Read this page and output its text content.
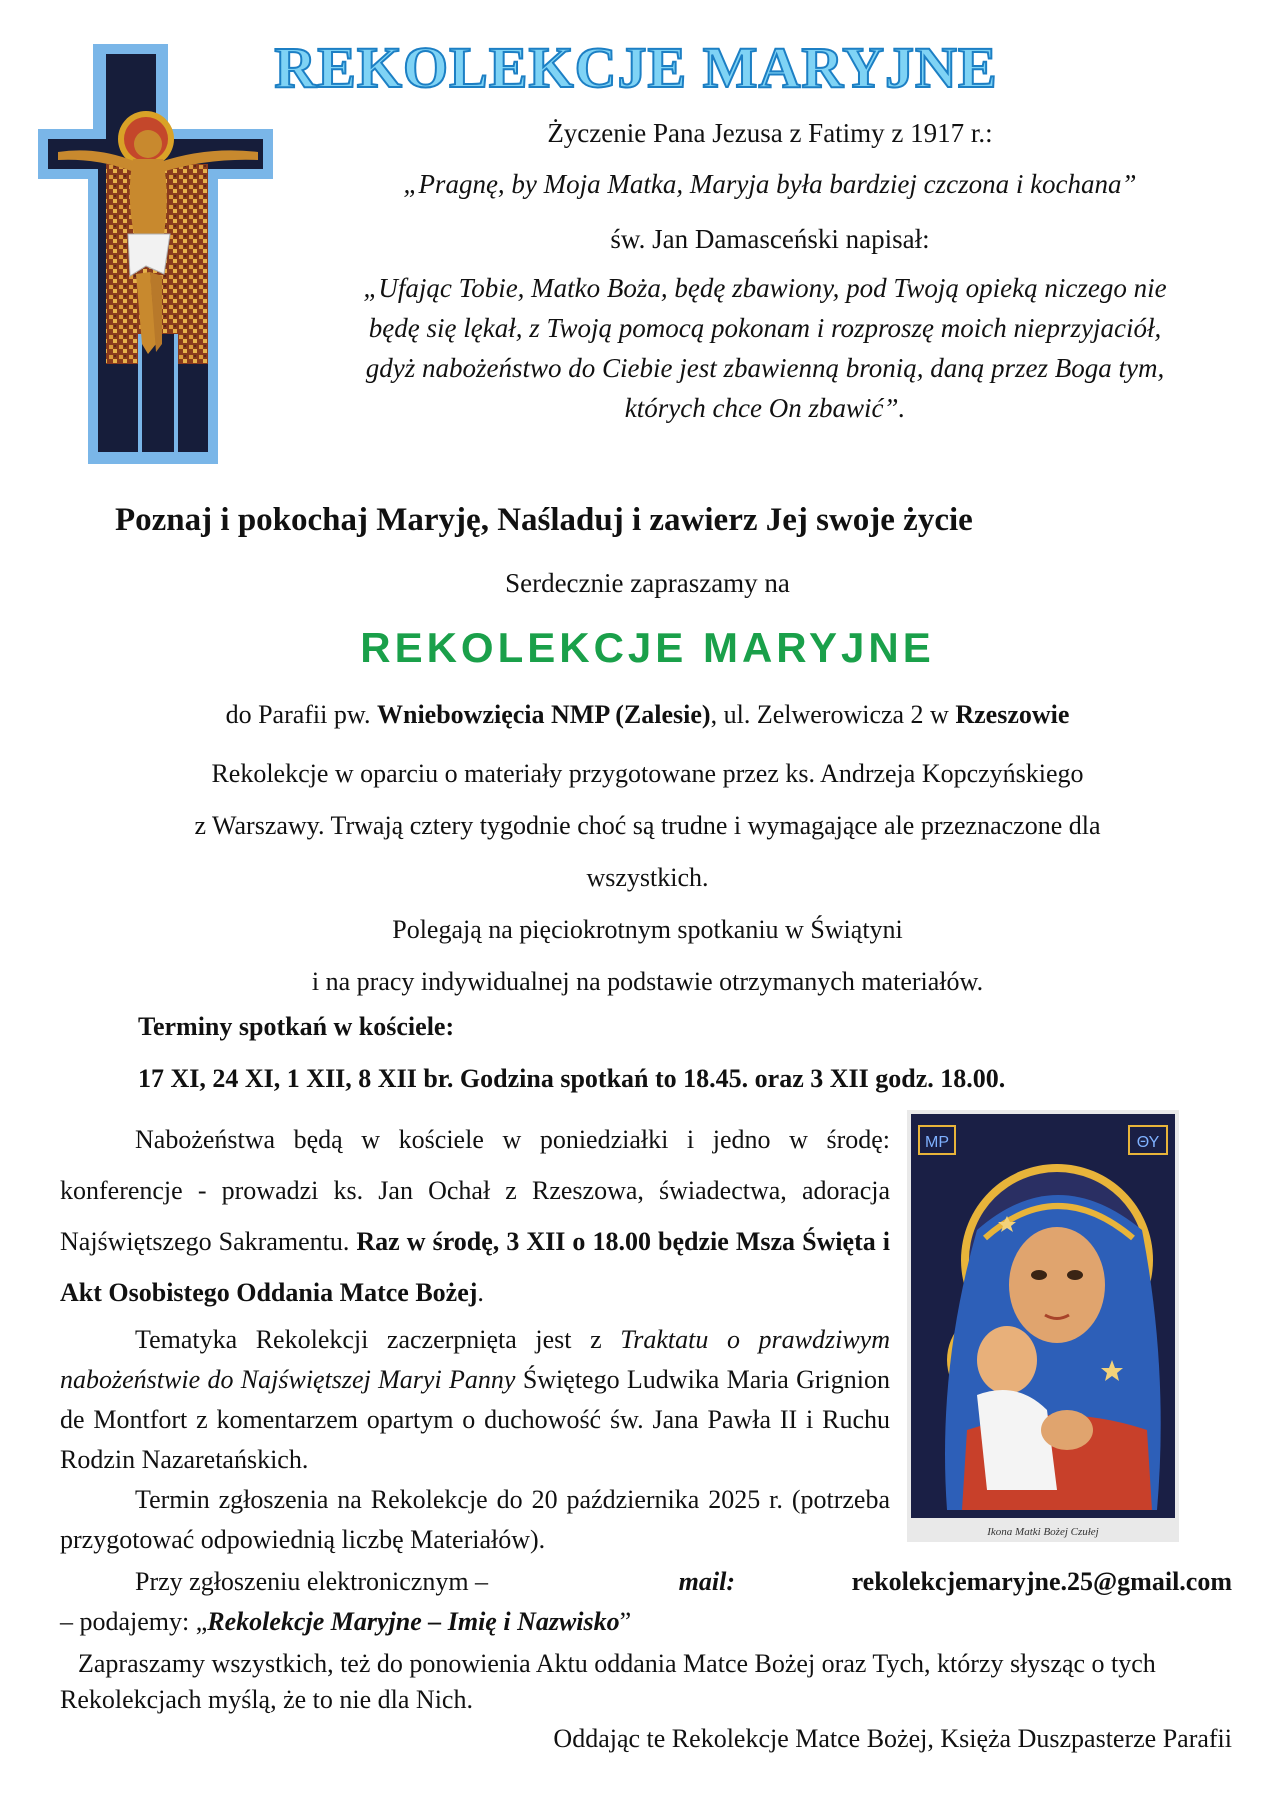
REKOLEKCJE MARYJNE
Życzenie Pana Jezusa z Fatimy z 1917 r.:
„Pragnę, by Moja Matka, Maryja była bardziej czczona i kochana”
św. Jan Damasceński napisał:
„Ufając Tobie, Matko Boża, będę zbawiony, pod Twoją opieką niczego nie
będę się lękał, z Twoją pomocą pokonam i rozproszę moich nieprzyjaciół,
gdyż nabożeństwo do Ciebie jest zbawienną bronią, daną przez Boga tym,
których chce On zbawić”.
Poznaj i pokochaj Maryję, Naśladuj i zawierz Jej swoje życie
Serdecznie zapraszamy na
REKOLEKCJE MARYJNE
do Parafii pw. Wniebowzięcia NMP (Zalesie), ul. Zelwerowicza 2 w Rzeszowie
Rekolekcje w oparciu o materiały przygotowane przez ks. Andrzeja Kopczyńskiego
z Warszawy. Trwają cztery tygodnie choć są trudne i wymagające ale przeznaczone dla
wszystkich.
Polegają na pięciokrotnym spotkaniu w Świątyni
i na pracy indywidualnej na podstawie otrzymanych materiałów.
Terminy spotkań w kościele:
17 XI, 24 XI, 1 XII, 8 XII br. Godzina spotkań to 18.45. oraz 3 XII godz. 18.00.
Nabożeństwa będą w kościele w poniedziałki i jedno w środę: konferencje - prowadzi ks. Jan Ochał z Rzeszowa, świadectwa, adoracja Najświętszego Sakramentu. Raz w środę, 3 XII o 18.00 będzie Msza Święta i Akt Osobistego Oddania Matce Bożej.
Tematyka Rekolekcji zaczerpnięta jest z Traktatu o prawdziwym nabożeństwie do Najświętszej Maryi Panny Świętego Ludwika Maria Grignion de Montfort z komentarzem opartym o duchowość św. Jana Pawła II i Ruchu Rodzin Nazaretańskich.
Termin zgłoszenia na Rekolekcje do 20 października 2025 r. (potrzeba przygotować odpowiednią liczbę Materiałów).
Przy zgłoszeniu elektronicznym –	mail:	rekolekcjemaryjne.25@gmail.com
– podajemy: „Rekolekcje Maryjne – Imię i Nazwisko”
Zapraszamy wszystkich, też do ponowienia Aktu oddania Matce Bożej oraz Tych, którzy słysząc o tych Rekolekcjach myślą, że to nie dla Nich.
Oddając te Rekolekcje Matce Bożej, Księża Duszpasterze Parafii
MP	ΘΥ
Ikona Matki Bożej Czułej
